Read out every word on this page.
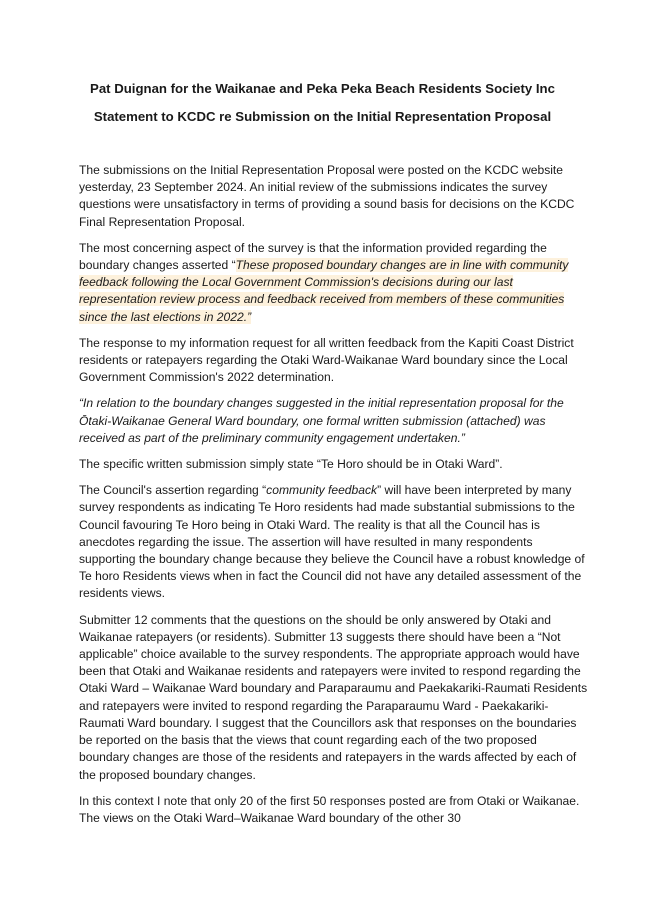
Pat Duignan for the Waikanae and Peka Peka Beach Residents Society Inc
Statement to KCDC re Submission on the Initial Representation Proposal

The submissions on the Initial Representation Proposal were posted on the KCDC website yesterday, 23 September 2024. An initial review of the submissions indicates the survey questions were unsatisfactory in terms of providing a sound basis for decisions on the KCDC Final Representation Proposal.

The most concerning aspect of the survey is that the information provided regarding the boundary changes asserted “These proposed boundary changes are in line with community feedback following the Local Government Commission's decisions during our last representation review process and feedback received from members of these communities since the last elections in 2022.”

The response to my information request for all written feedback from the Kapiti Coast District residents or ratepayers regarding the Otaki Ward-Waikanae Ward boundary since the Local Government Commission's 2022 determination.

“In relation to the boundary changes suggested in the initial representation proposal for the Ōtaki-Waikanae General Ward boundary, one formal written submission (attached) was received as part of the preliminary community engagement undertaken.”

The specific written submission simply state “Te Horo should be in Otaki Ward”.

The Council's assertion regarding “community feedback” will have been interpreted by many survey respondents as indicating Te Horo residents had made substantial submissions to the Council favouring Te Horo being in Otaki Ward. The reality is that all the Council has is anecdotes regarding the issue. The assertion will have resulted in many respondents supporting the boundary change because they believe the Council have a robust knowledge of Te horo Residents views when in fact the Council did not have any detailed assessment of the residents views.

Submitter 12 comments that the questions on the should be only answered by Otaki and Waikanae ratepayers (or residents). Submitter 13 suggests there should have been a “Not applicable” choice available to the survey respondents. The appropriate approach would have been that Otaki and Waikanae residents and ratepayers were invited to respond regarding the Otaki Ward – Waikanae Ward boundary and Paraparaumu and Paekakariki-Raumati Residents and ratepayers were invited to respond regarding the Paraparaumu Ward - Paekakariki-Raumati Ward boundary. I suggest that the Councillors ask that responses on the boundaries be reported on the basis that the views that count regarding each of the two proposed boundary changes are those of the residents and ratepayers in the wards affected by each of the proposed boundary changes.

In this context I note that only 20 of the first 50 responses posted are from Otaki or Waikanae. The views on the Otaki Ward–Waikanae Ward boundary of the other 30
